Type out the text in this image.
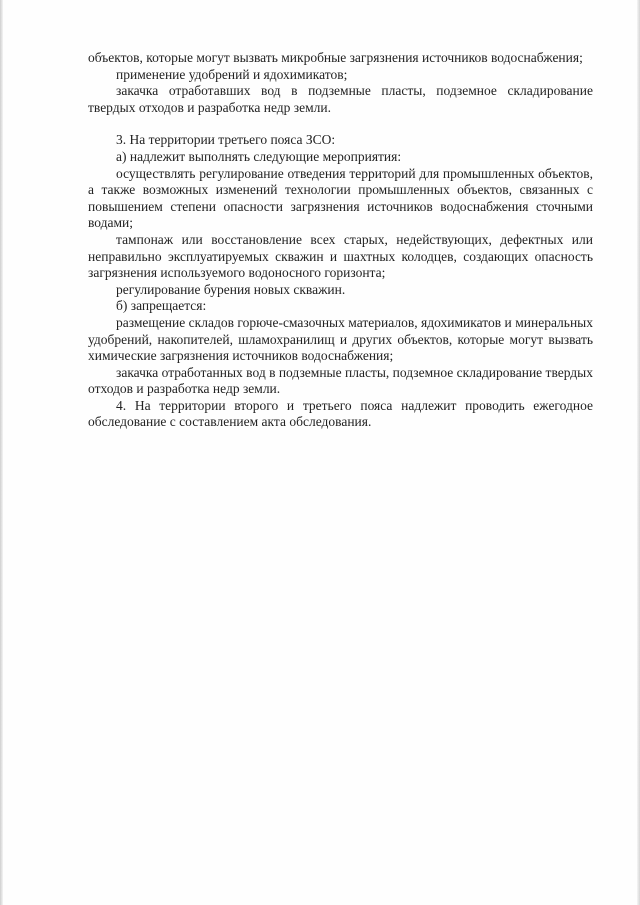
объектов, которые могут вызвать микробные загрязнения источников водоснабжения;

применение удобрений и ядохимикатов;

закачка отработавших вод в подземные пласты, подземное складирование твердых отходов и разработка недр земли.

3. На территории третьего пояса ЗСО:

а) надлежит выполнять следующие мероприятия:

осуществлять регулирование отведения территорий для промышленных объектов, а также возможных изменений технологии промышленных объектов, связанных с повышением степени опасности загрязнения источников водоснабжения сточными водами;

тампонаж или восстановление всех старых, недействующих, дефектных или неправильно эксплуатируемых скважин и шахтных колодцев, создающих опасность загрязнения используемого водоносного горизонта;

регулирование бурения новых скважин.

б) запрещается:

размещение складов горюче-смазочных материалов, ядохимикатов и минеральных удобрений, накопителей, шламохранилищ и других объектов, которые могут вызвать химические загрязнения источников водоснабжения;

закачка отработанных вод в подземные пласты, подземное складирование твердых отходов и разработка недр земли.

4. На территории второго и третьего пояса надлежит проводить ежегодное обследование с составлением акта обследования.
